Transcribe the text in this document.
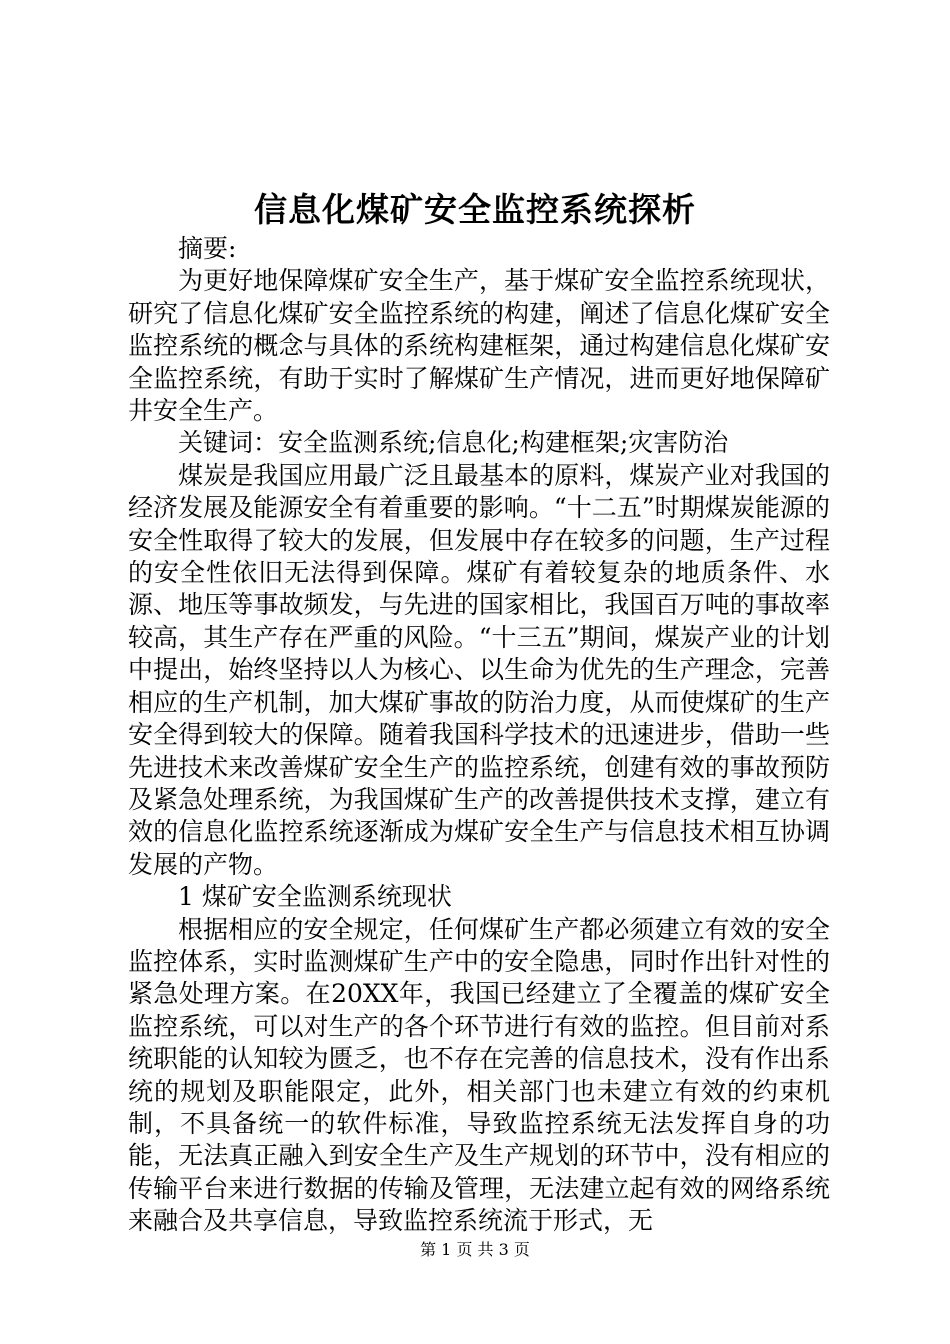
信息化煤矿安全监控系统探析

摘要:

为更好地保障煤矿安全生产，基于煤矿安全监控系统现状，研究了信息化煤矿安全监控系统的构建，阐述了信息化煤矿安全监控系统的概念与具体的系统构建框架，通过构建信息化煤矿安全监控系统，有助于实时了解煤矿生产情况，进而更好地保障矿井安全生产。

关键词：安全监测系统;信息化;构建框架;灾害防治

煤炭是我国应用最广泛且最基本的原料，煤炭产业对我国的经济发展及能源安全有着重要的影响。“十二五”时期煤炭能源的安全性取得了较大的发展，但发展中存在较多的问题，生产过程的安全性依旧无法得到保障。煤矿有着较复杂的地质条件、水源、地压等事故频发，与先进的国家相比，我国百万吨的事故率较高，其生产存在严重的风险。“十三五”期间，煤炭产业的计划中提出，始终坚持以人为核心、以生命为优先的生产理念，完善相应的生产机制，加大煤矿事故的防治力度，从而使煤矿的生产安全得到较大的保障。随着我国科学技术的迅速进步，借助一些先进技术来改善煤矿安全生产的监控系统，创建有效的事故预防及紧急处理系统，为我国煤矿生产的改善提供技术支撑，建立有效的信息化监控系统逐渐成为煤矿安全生产与信息技术相互协调发展的产物。

1 煤矿安全监测系统现状

根据相应的安全规定，任何煤矿生产都必须建立有效的安全监控体系，实时监测煤矿生产中的安全隐患，同时作出针对性的紧急处理方案。在20XX年，我国已经建立了全覆盖的煤矿安全监控系统，可以对生产的各个环节进行有效的监控。但目前对系统职能的认知较为匮乏，也不存在完善的信息技术，没有作出系统的规划及职能限定，此外，相关部门也未建立有效的约束机制，不具备统一的软件标准，导致监控系统无法发挥自身的功能，无法真正融入到安全生产及生产规划的环节中，没有相应的传输平台来进行数据的传输及管理，无法建立起有效的网络系统来融合及共享信息，导致监控系统流于形式，无

第 1 页 共 3 页
